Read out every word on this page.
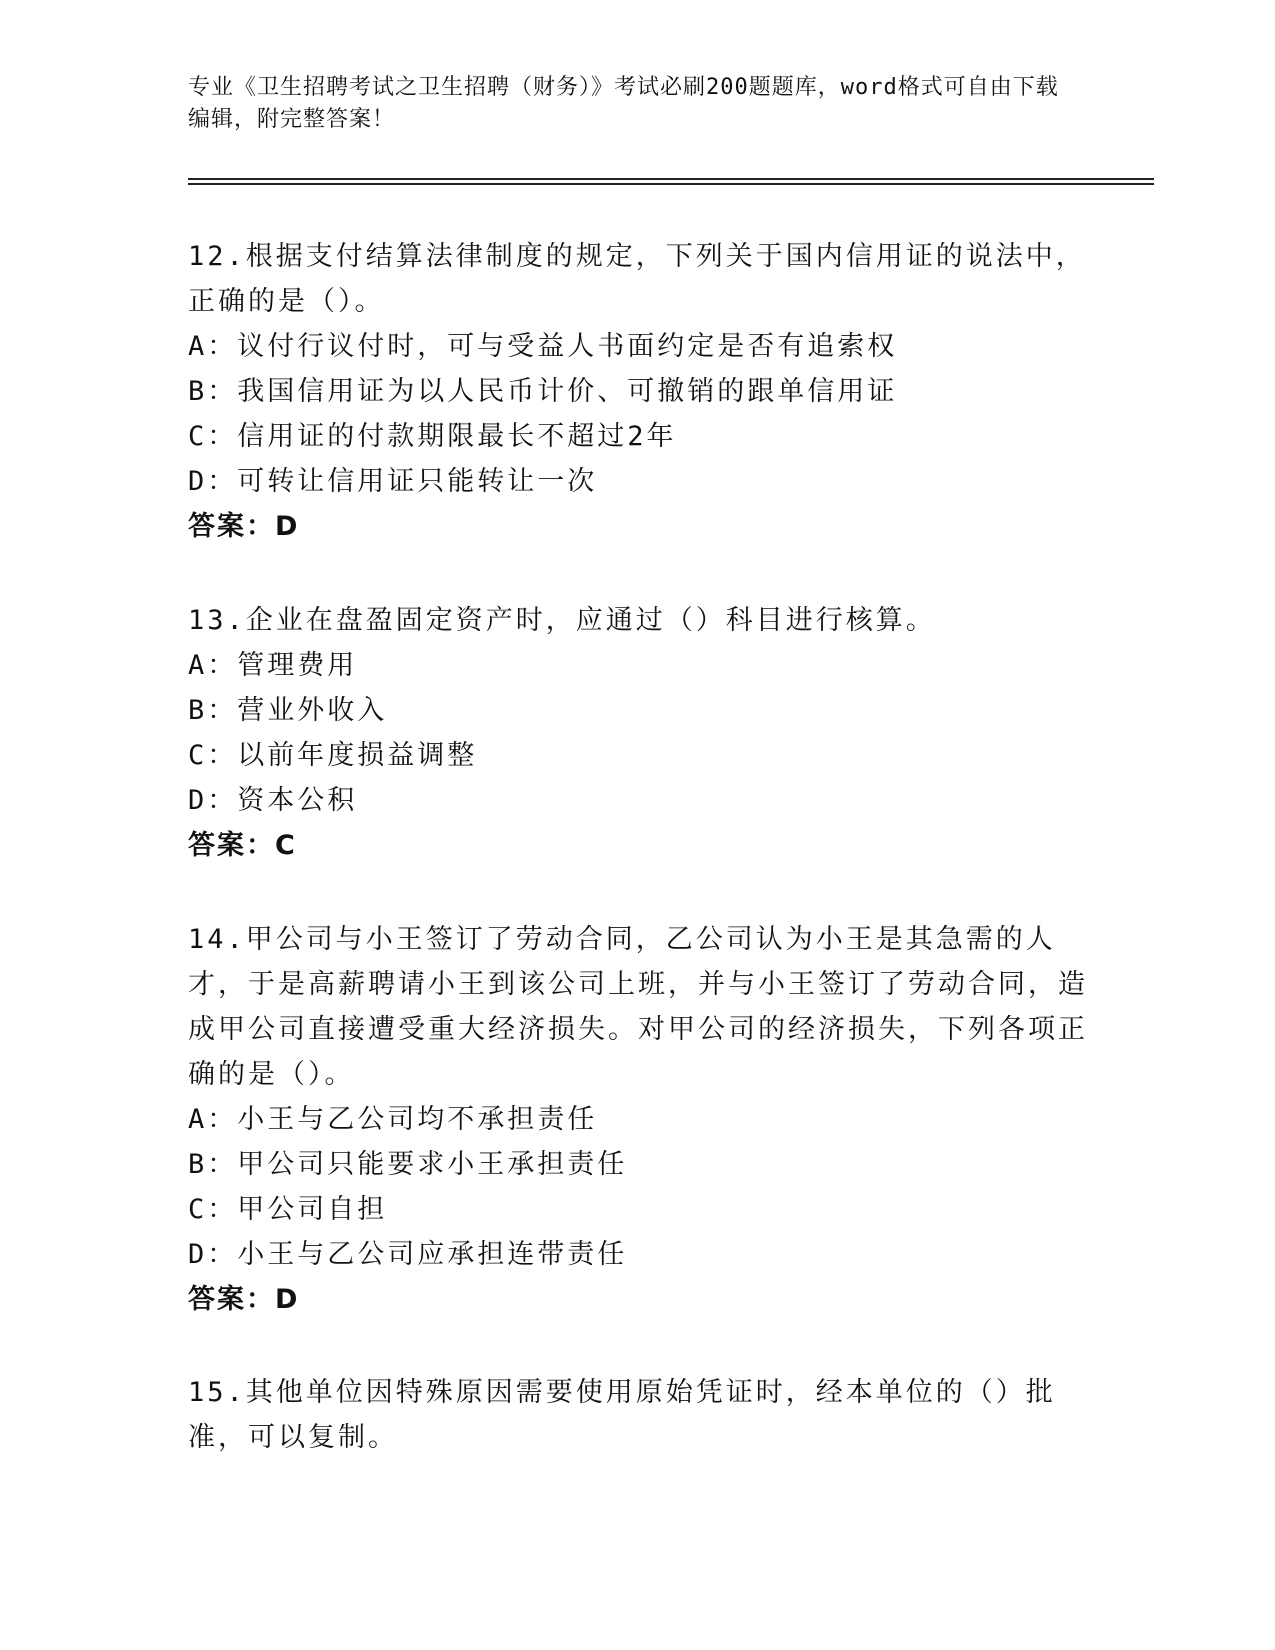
专业《卫生招聘考试之卫生招聘（财务）》考试必刷200题题库，word格式可自由下载编辑，附完整答案！
12.根据支付结算法律制度的规定，下列关于国内信用证的说法中，正确的是（）。
A：议付行议付时，可与受益人书面约定是否有追索权
B：我国信用证为以人民币计价、可撤销的跟单信用证
C：信用证的付款期限最长不超过2年
D：可转让信用证只能转让一次
答案：D
13.企业在盘盈固定资产时，应通过（）科目进行核算。
A：管理费用
B：营业外收入
C：以前年度损益调整
D：资本公积
答案：C
14.甲公司与小王签订了劳动合同，乙公司认为小王是其急需的人才，于是高薪聘请小王到该公司上班，并与小王签订了劳动合同，造成甲公司直接遭受重大经济损失。对甲公司的经济损失，下列各项正确的是（）。
A：小王与乙公司均不承担责任
B：甲公司只能要求小王承担责任
C：甲公司自担
D：小王与乙公司应承担连带责任
答案：D
15.其他单位因特殊原因需要使用原始凭证时，经本单位的（）批准，可以复制。
